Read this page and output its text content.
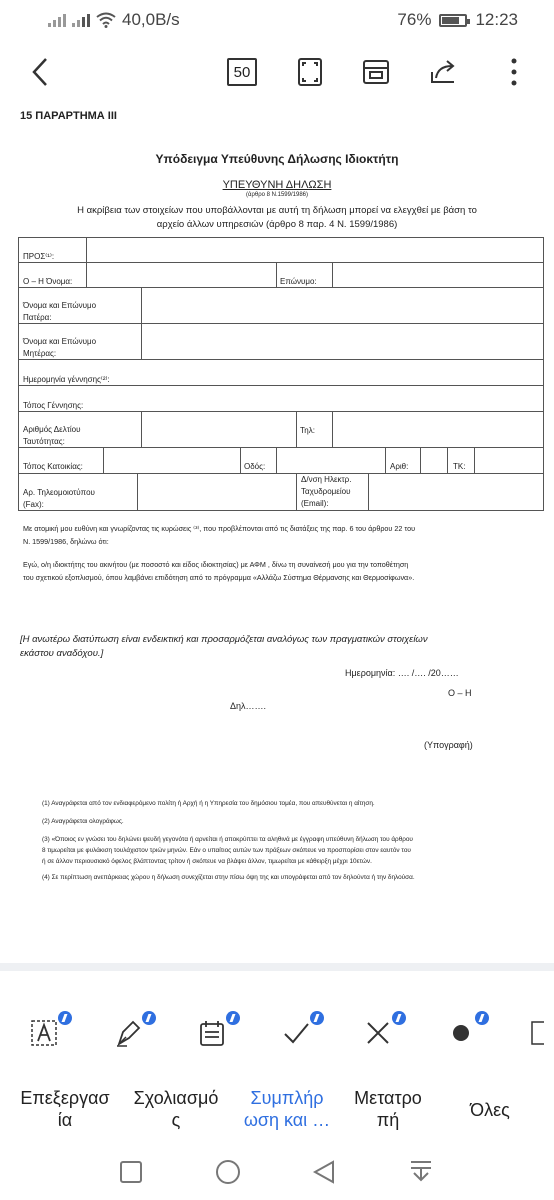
40,0B/s	76%	12:23
50
15 ΠΑΡΑΡΤΗΜΑ ΙΙΙ
Υπόδειγμα Υπεύθυνης Δήλωσης Ιδιοκτήτη
ΥΠΕΥΘΥΝΗ ΔΗΛΩΣΗ
(άρθρο 8 Ν.1599/1986)
Η ακρίβεια των στοιχείων που υποβάλλονται με αυτή τη δήλωση μπορεί να ελεγχθεί με βάση το
αρχείο άλλων υπηρεσιών (άρθρο 8 παρ. 4 Ν. 1599/1986)
ΠΡΟΣ⁽¹⁾:
Ο – Η Όνομα:	Επώνυμο:
Όνομα και Επώνυμο
Πατέρα:
Όνομα και Επώνυμο
Μητέρας:
Ημερομηνία γέννησης⁽²⁾:
Τόπος Γέννησης:
Αριθμός Δελτίου
Ταυτότητας:
Τηλ:
Τόπος Κατοικίας:	Οδός:	Αριθ:	ΤΚ:
Αρ. Τηλεομοιοτύπου
(Fax):
Δ/νση Ηλεκτρ.
Ταχυδρομείου
(Email):
Με ατομική μου ευθύνη και γνωρίζοντας τις κυρώσεις ⁽³⁾, που προβλέπονται από τις διατάξεις της παρ. 6 του άρθρου 22 του
Ν. 1599/1986, δηλώνω ότι:
Εγώ, ο/η ιδιοκτήτης του ακινήτου (με ποσοστό και είδος ιδιοκτησίας) με ΑΦΜ , δίνω τη συναίνεσή μου για την τοποθέτηση
του σχετικού εξοπλισμού, όπου λαμβάνει επιδότηση από το πρόγραμμα «Αλλάζω Σύστημα Θέρμανσης και Θερμοσίφωνα».
[Η ανωτέρω διατύπωση είναι ενδεικτική και προσαρμόζεται αναλόγως των πραγματικών στοιχείων
εκάστου αναδόχου.]
Ημερομηνία: …. /…. /20……
Ο – Η
Δηλ…….
(Υπογραφή)
(1) Αναγράφεται από τον ενδιαφερόμενο πολίτη ή Αρχή ή η Υπηρεσία του δημόσιου τομέα, που απευθύνεται η αίτηση.
(2) Αναγράφεται ολογράφως.
(3) «Όποιος εν γνώσει του δηλώνει ψευδή γεγονότα ή αρνείται ή αποκρύπτει τα αληθινά με έγγραφη υπεύθυνη δήλωση του άρθρου
8 τιμωρείται με φυλάκιση τουλάχιστον τριών μηνών. Εάν ο υπαίτιος αυτών των πράξεων σκόπευε να προσπορίσει στον εαυτόν του
ή σε άλλον περιουσιακό όφελος βλάπτοντας τρίτον ή σκόπευε να βλάψει άλλον, τιμωρείται με κάθειρξη μέχρι 10ετών.
(4) Σε περίπτωση ανεπάρκειας χώρου η δήλωση συνεχίζεται στην πίσω όψη της και υπογράφεται από τον δηλούντα ή την δηλούσα.
Επεξεργασ
ία
Σχολιασμό
ς
Συμπλήρ
ωση και …
Μετατρο
πή	Όλες
